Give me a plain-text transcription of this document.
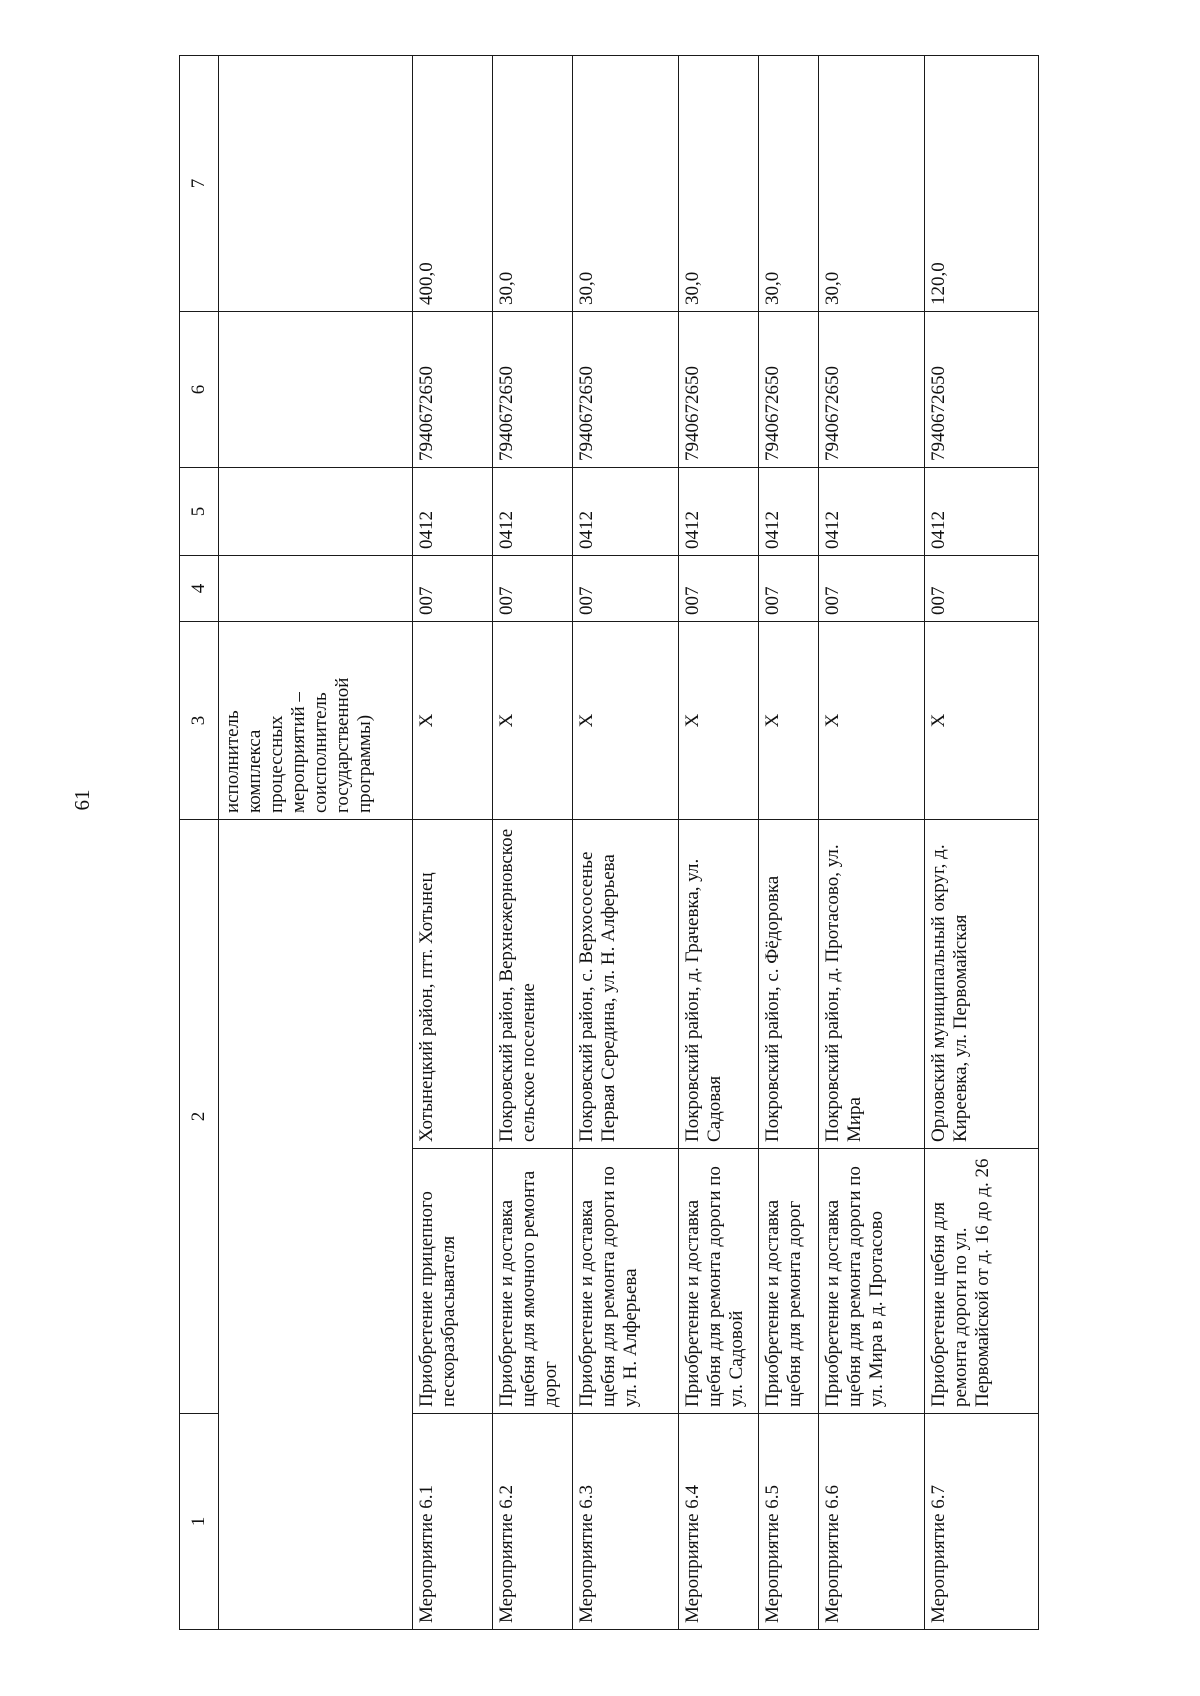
61
1	2		3	4	5	6	7
			исполнитель комплекса процессных мероприятий – соисполнитель государственной программы)				
Мероприятие 6.1	Приобретение прицепного пескоразбрасывателя	Хотынецкий район, птт. Хотынец	Х	007	0412	7940672650	400,0
Мероприятие 6.2	Приобретение и доставка щебня для ямочного ремонта дорог	Покровский район, Верхнежерновское сельское поселение	Х	007	0412	7940672650	30,0
Мероприятие 6.3	Приобретение и доставка щебня для ремонта дороги по ул. Н. Алферьева	Покровский район, с. Верхососенье Первая Середина, ул. Н. Алферьева	Х	007	0412	7940672650	30,0
Мероприятие 6.4	Приобретение и доставка щебня для ремонта дороги по ул. Садовой	Покровский район, д. Грачевка, ул. Садовая	Х	007	0412	7940672650	30,0
Мероприятие 6.5	Приобретение и доставка щебня для ремонта дорог	Покровский район, с. Фёдоровка	Х	007	0412	7940672650	30,0
Мероприятие 6.6	Приобретение и доставка щебня для ремонта дороги по ул. Мира в д. Протасово	Покровский район, д. Протасово, ул. Мира	Х	007	0412	7940672650	30,0
Мероприятие 6.7	Приобретение щебня для ремонта дороги по ул. Первомайской от д. 16 до д. 26	Орловский муниципальный округ, д. Киреевка, ул. Первомайская	Х	007	0412	7940672650	120,0
